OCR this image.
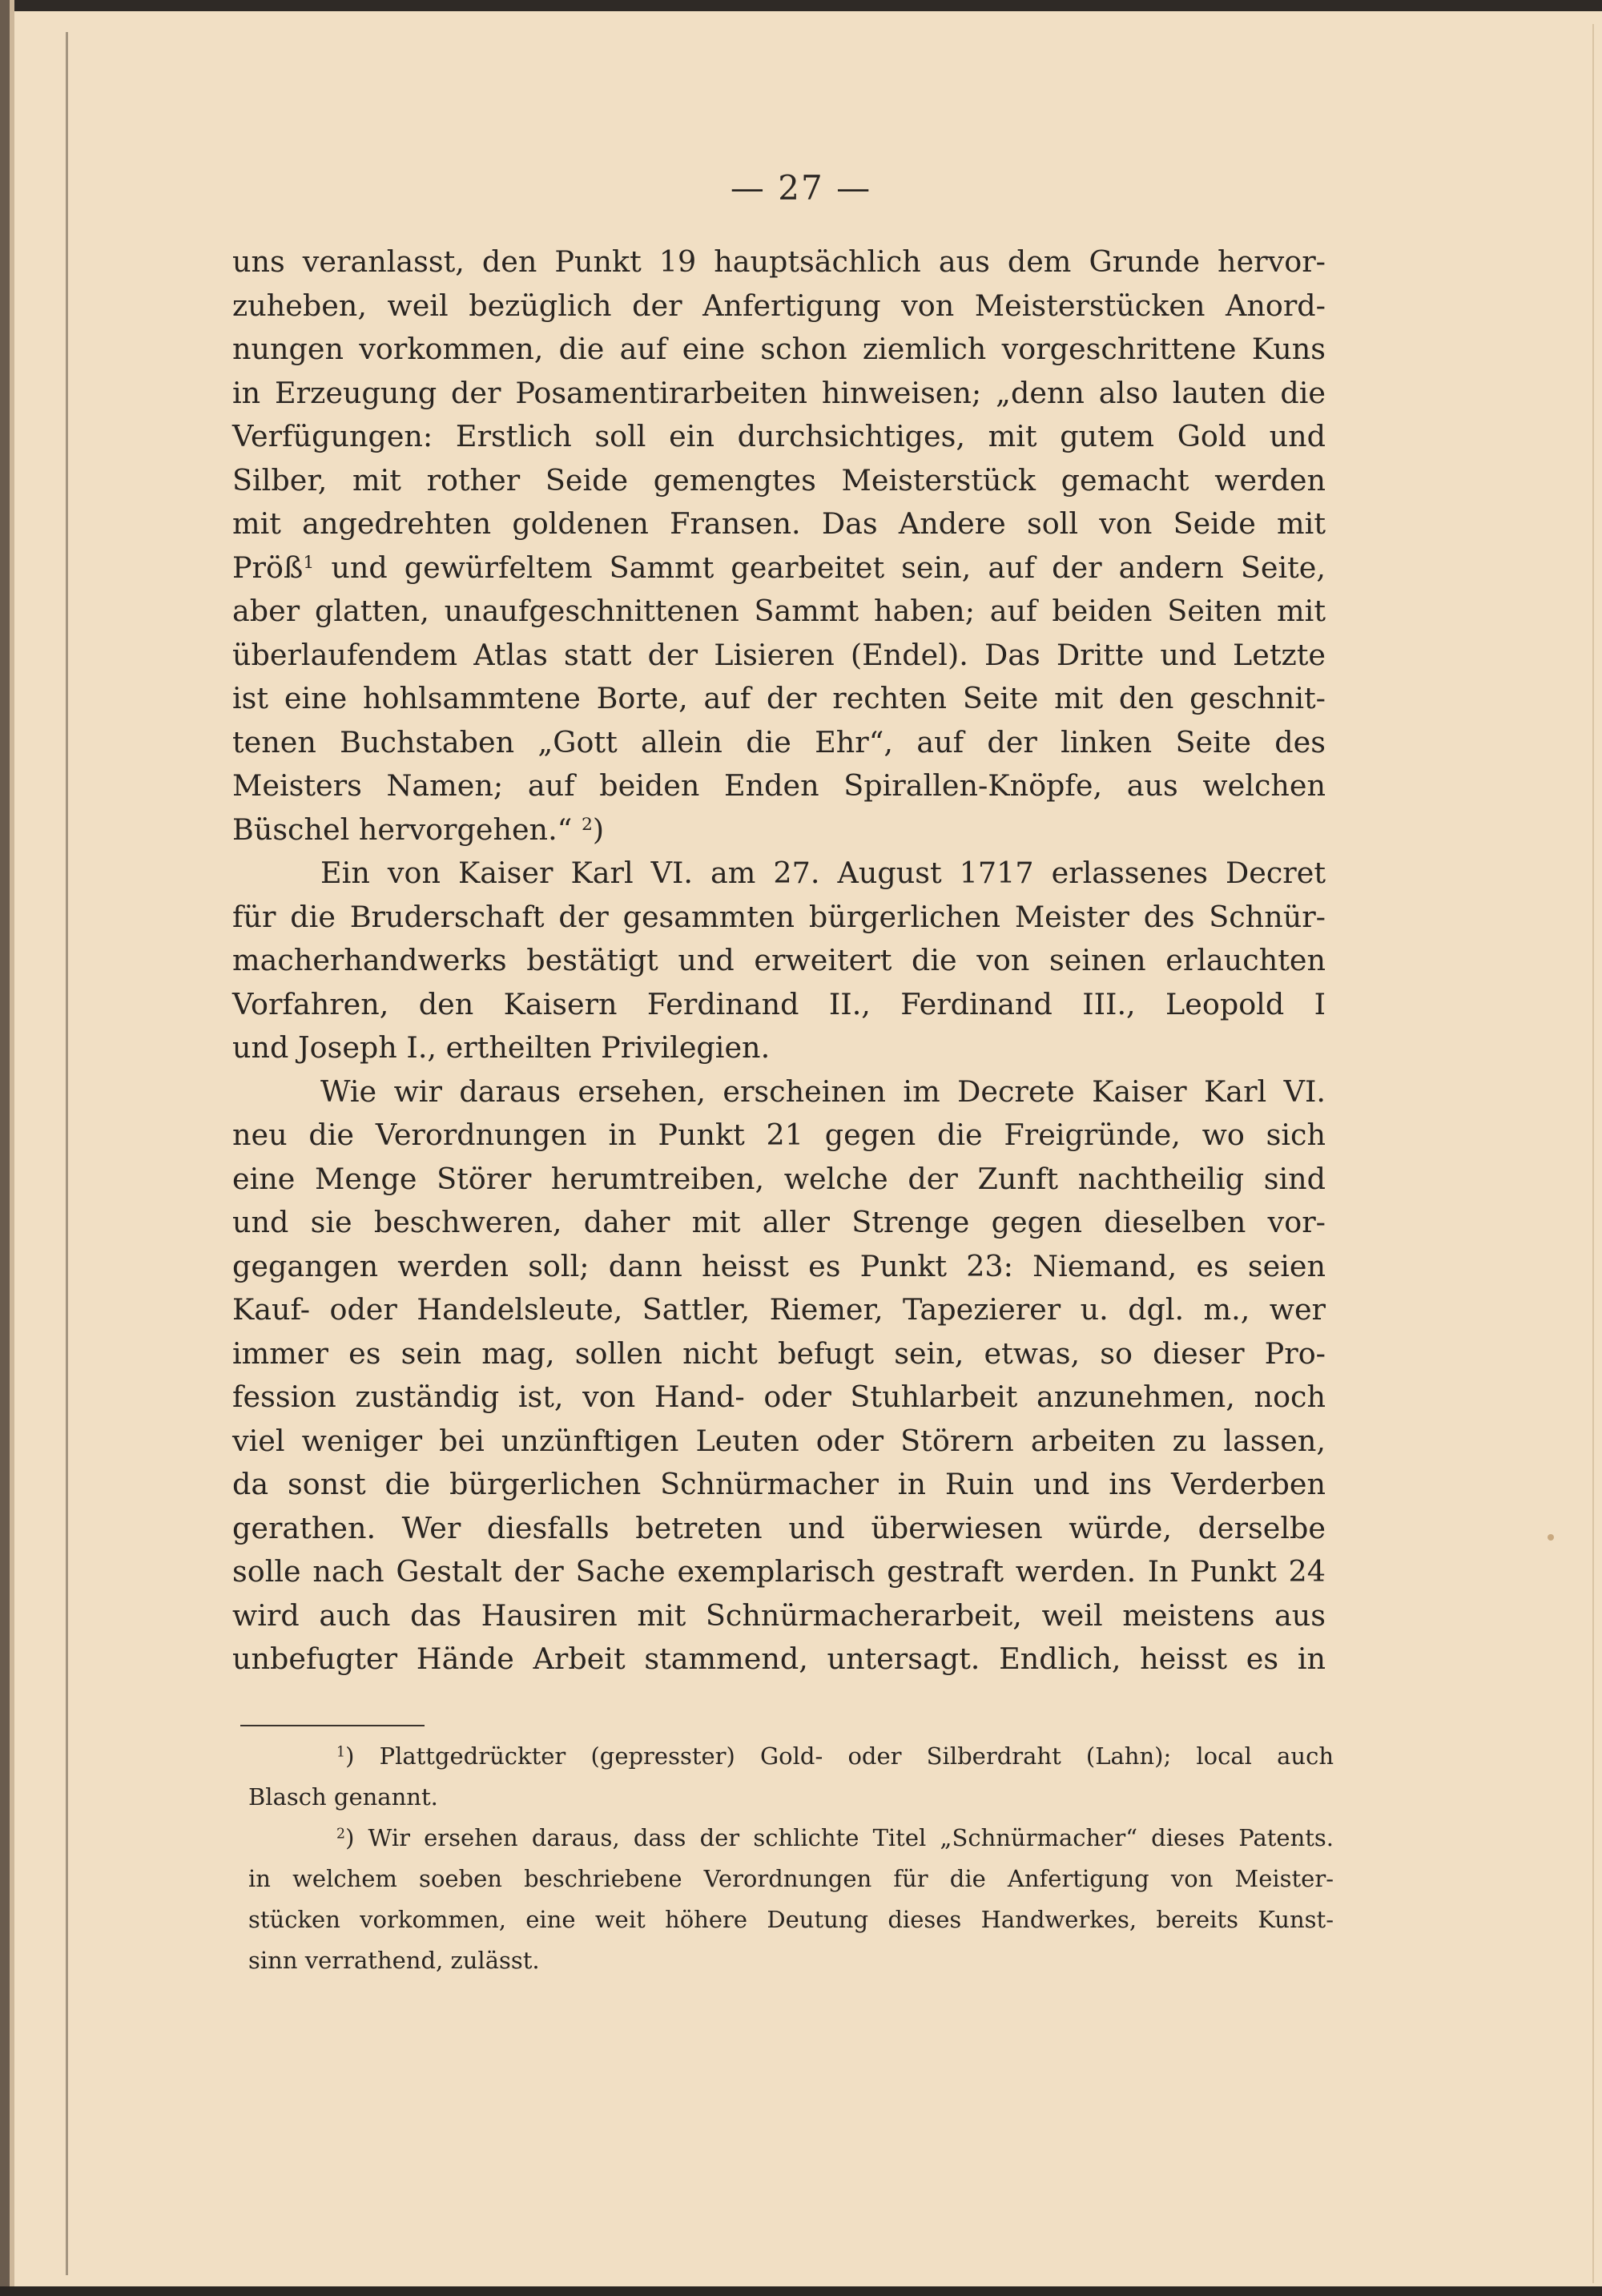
— 27 —
uns veranlasst, den Punkt 19 hauptsächlich aus dem Grunde hervor-
zuheben, weil bezüglich der Anfertigung von Meisterstücken Anord-
nungen vorkommen, die auf eine schon ziemlich vorgeschrittene Kuns
in Erzeugung der Posamentirarbeiten hinweisen; „denn also lauten die
Verfügungen: Erstlich soll ein durchsichtiges, mit gutem Gold und
Silber, mit rother Seide gemengtes Meisterstück gemacht werden
mit angedrehten goldenen Fransen. Das Andere soll von Seide mit
Pröß$^1$ und gewürfeltem Sammt gearbeitet sein, auf der andern Seite,
aber glatten, unaufgeschnittenen Sammt haben; auf beiden Seiten mit
überlaufendem Atlas statt der Lisieren (Endel). Das Dritte und Letzte
ist eine hohlsammtene Borte, auf der rechten Seite mit den geschnit-
tenen Buchstaben „Gott allein die Ehr“, auf der linken Seite des
Meisters Namen; auf beiden Enden Spirallen-Knöpfe, aus welchen
Büschel hervorgehen.“ $^2$)
Ein von Kaiser Karl VI. am 27. August 1717 erlassenes Decret
für die Bruderschaft der gesammten bürgerlichen Meister des Schnür-
macherhandwerks bestätigt und erweitert die von seinen erlauchten
Vorfahren, den Kaisern Ferdinand II., Ferdinand III., Leopold I
und Joseph I., ertheilten Privilegien.
Wie wir daraus ersehen, erscheinen im Decrete Kaiser Karl VI.
neu die Verordnungen in Punkt 21 gegen die Freigründe, wo sich
eine Menge Störer herumtreiben, welche der Zunft nachtheilig sind
und sie beschweren, daher mit aller Strenge gegen dieselben vor-
gegangen werden soll; dann heisst es Punkt 23: Niemand, es seien
Kauf- oder Handelsleute, Sattler, Riemer, Tapezierer u. dgl. m., wer
immer es sein mag, sollen nicht befugt sein, etwas, so dieser Pro-
fession zuständig ist, von Hand- oder Stuhlarbeit anzunehmen, noch
viel weniger bei unzünftigen Leuten oder Störern arbeiten zu lassen,
da sonst die bürgerlichen Schnürmacher in Ruin und ins Verderben
gerathen. Wer diesfalls betreten und überwiesen würde, derselbe
solle nach Gestalt der Sache exemplarisch gestraft werden. In Punkt 24
wird auch das Hausiren mit Schnürmacherarbeit, weil meistens aus
unbefugter Hände Arbeit stammend, untersagt. Endlich, heisst es in
$^1$) Plattgedrückter (gepresster) Gold- oder Silberdraht (Lahn); local auch
Blasch genannt.
$^2$) Wir ersehen daraus, dass der schlichte Titel „Schnürmacher“ dieses Patents.
in welchem soeben beschriebene Verordnungen für die Anfertigung von Meister-
stücken vorkommen, eine weit höhere Deutung dieses Handwerkes, bereits Kunst-
sinn verrathend, zulässt.
